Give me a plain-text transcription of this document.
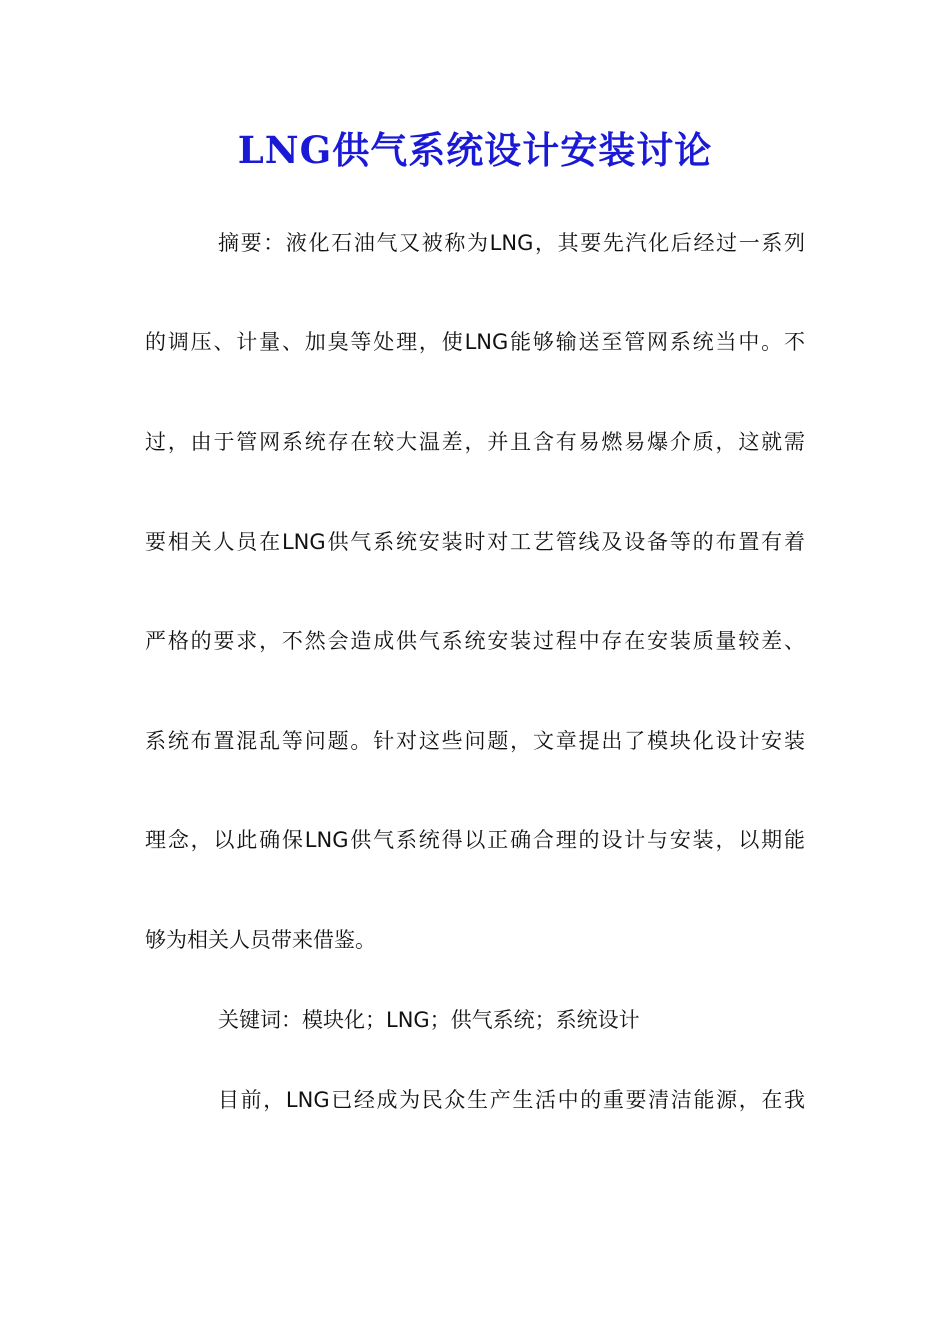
LNG供气系统设计安装讨论

摘要：液化石油气又被称为LNG，其要先汽化后经过一系列

的调压、计量、加臭等处理，使LNG能够输送至管网系统当中。不

过，由于管网系统存在较大温差，并且含有易燃易爆介质，这就需

要相关人员在LNG供气系统安装时对工艺管线及设备等的布置有着

严格的要求，不然会造成供气系统安装过程中存在安装质量较差、

系统布置混乱等问题。针对这些问题，文章提出了模块化设计安装

理念，以此确保LNG供气系统得以正确合理的设计与安装，以期能

够为相关人员带来借鉴。

关键词：模块化；LNG；供气系统；系统设计

目前，LNG已经成为民众生产生活中的重要清洁能源，在我
